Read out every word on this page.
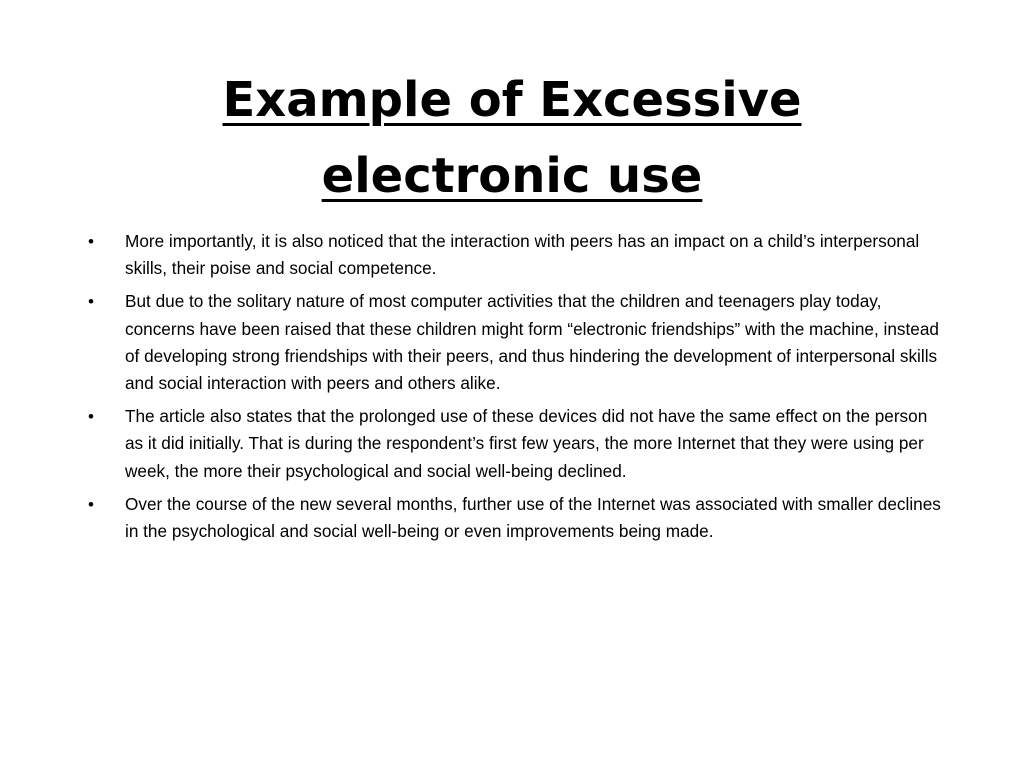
Example of Excessive electronic use
• More importantly, it is also noticed that the interaction with peers has an impact on a child’s interpersonal skills, their poise and social competence.
• But due to the solitary nature of most computer activities that the children and teenagers play today, concerns have been raised that these children might form “electronic friendships” with the machine, instead of developing strong friendships with their peers, and thus hindering the development of interpersonal skills and social interaction with peers and others alike.
• The article also states that the prolonged use of these devices did not have the same effect on the person as it did initially. That is during the respondent’s first few years, the more Internet that they were using per week, the more their psychological and social well-being declined.
• Over the course of the new several months, further use of the Internet was associated with smaller declines in the psychological and social well-being or even improvements being made.
